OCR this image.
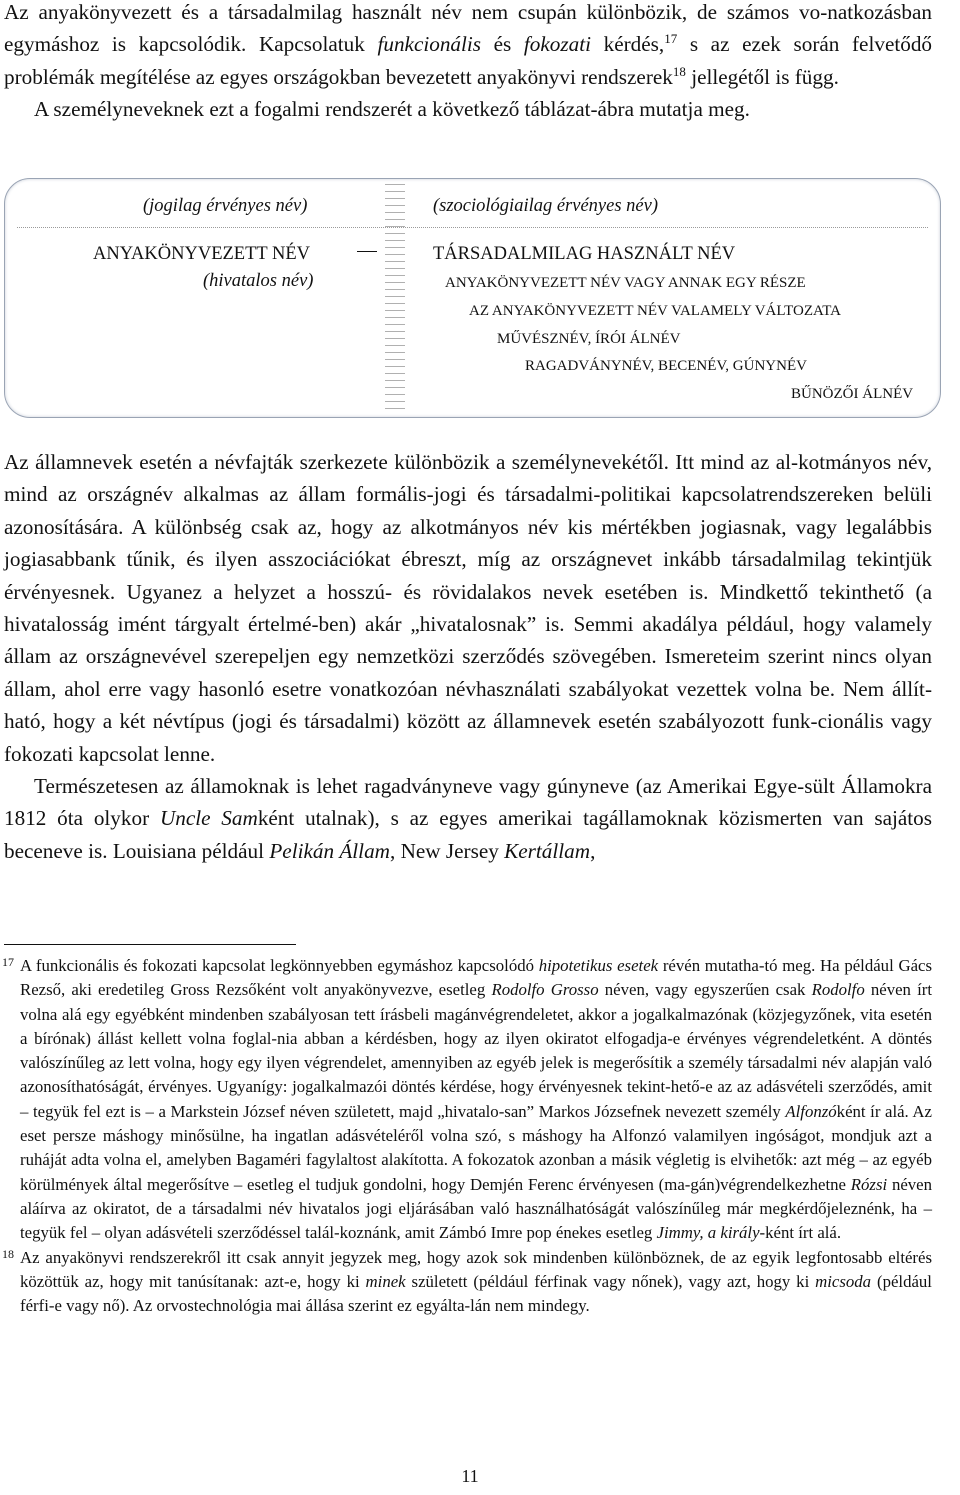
Az anyakönyvezett és a társadalmilag használt név nem csupán különbözik, de számos vo-natkozásban egymáshoz is kapcsolódik. Kapcsolatuk funkcionális és fokozati kérdés,$^{17}$ s az ezek során felvetődő problémák megítélése az egyes országokban bevezetett anyakönyvi rendszerek$^{18}$ jellegétől is függ.

A személyneveknek ezt a fogalmi rendszerét a következő táblázat-ábra mutatja meg.

(jogilag érvényes név)	(szociológiailag érvényes név)
ANYAKÖNYVEZETT NÉV
(hivatalos név)
TÁRSADALMILAG HASZNÁLT NÉV
ANYAKÖNYVEZETT NÉV VAGY ANNAK EGY RÉSZE
AZ ANYAKÖNYVEZETT NÉV VALAMELY VÁLTOZATA
MŰVÉSZNÉV, ÍRÓI ÁLNÉV
RAGADVÁNYNÉV, BECENÉV, GÚNYNÉV
BŰNÖZŐI ÁLNÉV

Az államnevek esetén a névfajták szerkezete különbözik a személynevekétől. Itt mind az al-kotmányos név, mind az országnév alkalmas az állam formális-jogi és társadalmi-politikai kapcsolatrendszereken belüli azonosítására. A különbség csak az, hogy az alkotmányos név kis mértékben jogiasnak, vagy legalábbis jogiasabbank tűnik, és ilyen asszociációkat ébreszt, míg az országnevet inkább társadalmilag tekintjük érvényesnek. Ugyanez a helyzet a hosszú- és rövidalakos nevek esetében is. Mindkettő tekinthető (a hivatalosság imént tárgyalt értelmé-ben) akár „hivatalosnak” is. Semmi akadálya például, hogy valamely állam az országnevével szerepeljen egy nemzetközi szerződés szövegében. Ismereteim szerint nincs olyan állam, ahol erre vagy hasonló esetre vonatkozóan névhasználati szabályokat vezettek volna be. Nem állít-ható, hogy a két névtípus (jogi és társadalmi) között az államnevek esetén szabályozott funk-cionális vagy fokozati kapcsolat lenne.

Természetesen az államoknak is lehet ragadványneve vagy gúnyneve (az Amerikai Egye-sült Államokra 1812 óta olykor Uncle Samként utalnak), s az egyes amerikai tagállamoknak közismerten van sajátos beceneve is. Louisiana például Pelikán Állam, New Jersey Kertállam,

17 A funkcionális és fokozati kapcsolat legkönnyebben egymáshoz kapcsolódó hipotetikus esetek révén mutatha-tó meg. Ha például Gács Rezső, aki eredetileg Gross Rezsőként volt anyakönyvezve, esetleg Rodolfo Grosso néven, vagy egyszerűen csak Rodolfo néven írt volna alá egy egyébként mindenben szabályosan tett írásbeli magánvégrendeletet, akkor a jogalkalmazónak (közjegyzőnek, vita esetén a bírónak) állást kellett volna foglal-nia abban a kérdésben, hogy az ilyen okiratot elfogadja-e érvényes végrendeletként. A döntés valószínűleg az lett volna, hogy egy ilyen végrendelet, amennyiben az egyéb jelek is megerősítik a személy társadalmi név alapján való azonosíthatóságát, érvényes. Ugyanígy: jogalkalmazói döntés kérdése, hogy érvényesnek tekint-hető-e az az adásvételi szerződés, amit – tegyük fel ezt is – a Markstein József néven született, majd „hivatalo-san” Markos Józsefnek nevezett személy Alfonzóként ír alá. Az eset persze máshogy minősülne, ha ingatlan adásvételéről volna szó, s máshogy ha Alfonzó valamilyen ingóságot, mondjuk azt a ruháját adta volna el, amelyben Bagaméri fagylaltost alakította. A fokozatok azonban a másik végletig is elvihetők: azt még – az egyéb körülmények által megerősítve – esetleg el tudjuk gondolni, hogy Demjén Ferenc érvényesen (ma-gán)végrendelkezhetne Rózsi néven aláírva az okiratot, de a társadalmi név hivatalos jogi eljárásában való használhatóságát valószínűleg már megkérdőjeleznénk, ha – tegyük fel – olyan adásvételi szerződéssel talál-koznánk, amit Zámbó Imre pop énekes esetleg Jimmy, a király-ként írt alá.

18 Az anyakönyvi rendszerekről itt csak annyit jegyzek meg, hogy azok sok mindenben különböznek, de az egyik legfontosabb eltérés közöttük az, hogy mit tanúsítanak: azt-e, hogy ki minek született (például férfinak vagy nőnek), vagy azt, hogy ki micsoda (például férfi-e vagy nő). Az orvostechnológia mai állása szerint ez egyálta-lán nem mindegy.

11
